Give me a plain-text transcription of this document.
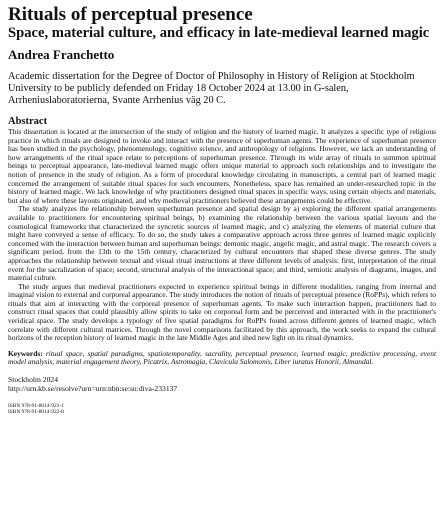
Rituals of perceptual presence
Space, material culture, and efficacy in late-medieval learned magic
Andrea Franchetto

Academic dissertation for the Degree of Doctor of Philosophy in History of Religion at Stockholm University to be publicly defended on Friday 18 October 2024 at 13.00 in G-salen, Arrheniuslaboratorierna, Svante Arrhenius väg 20 C.

Abstract

This dissertation is located at the intersection of the study of religion and the history of learned magic. It analyzes a specific type of religious practice in which rituals are designed to invoke and interact with the presence of superhuman agents. The experience of superhuman presence has been studied in the psychology, phenomenology, cognitive science, and anthropology of religions. However, we lack an understanding of how arrangements of the ritual space relate to perceptions of superhuman presence. Through its wide array of rituals to summon spiritual beings to perceptual appearance, late-medieval learned magic offers unique material to approach such relationships and to investigate the notion of presence in the study of religion. As a form of procedural knowledge circulating in manuscripts, a central part of learned magic concerned the arrangement of suitable ritual spaces for such encounters. Nonetheless, space has remained an under-researched topic in the history of learned magic. We lack knowledge of why practitioners designed ritual spaces in specific ways, using certain objects and materials, but also of where these layouts originated, and why medieval practitioners believed these arrangements could be effective.

The study analyzes the relationship between superhuman presence and spatial design by a) exploring the different spatial arrangements available to practitioners for encountering spiritual beings, b) examining the relationship between the various spatial layouts and the cosmological frameworks that characterized the syncretic sources of learned magic, and c) analyzing the elements of material culture that might have conveyed a sense of efficacy. To do so, the study takes a comparative approach across three genres of learned magic explicitly concerned with the interaction between human and superhuman beings: demonic magic, angelic magic, and astral magic. The research covers a significant period, from the 13th to the 15th century, characterized by cultural encounters that shaped these diverse genres. The study approaches the relationship between textual and visual ritual instructions at three different levels of analysis: first, interpretation of the ritual event for the sacralization of space; second, structural analysis of the interactional space; and third, semiotic analysis of diagrams, images, and material culture.

The study argues that medieval practitioners expected to experience spiritual beings in different modalities, ranging from internal and imaginal vision to external and corporeal appearance. The study introduces the notion of rituals of perceptual presence (RoPPs), which refers to rituals that aim at interacting with the corporeal presence of superhuman agents. To make such interaction happen, practitioners had to construct ritual spaces that could plausibly allow spirits to take on corporeal form and be perceived and interacted with in the practitioner's veridical space. The study develops a typology of five spatial paradigms for RoPPs found across different genres of learned magic, which correlate with different cultural matrices. Through the novel comparisons facilitated by this approach, the work seeks to expand the cultural horizons of the reception history of learned magic in the late Middle Ages and shed new light on its ritual dynamics.

Keywords: ritual space, spatial paradigms, spatiotemporality, sacrality, perceptual presence, learned magic, predictive processing, event model analysis, material engagement theory, Picatrix, Astromagia, Clavicula Salomonis, Liber iuratus Honorii, Almandal.

Stockholm 2024
http://urn.kb.se/resolve?urn=urn:nbn:se:su:diva-233137
ISBN 978-91-8014-921-1
ISBN 978-91-8014-922-8
